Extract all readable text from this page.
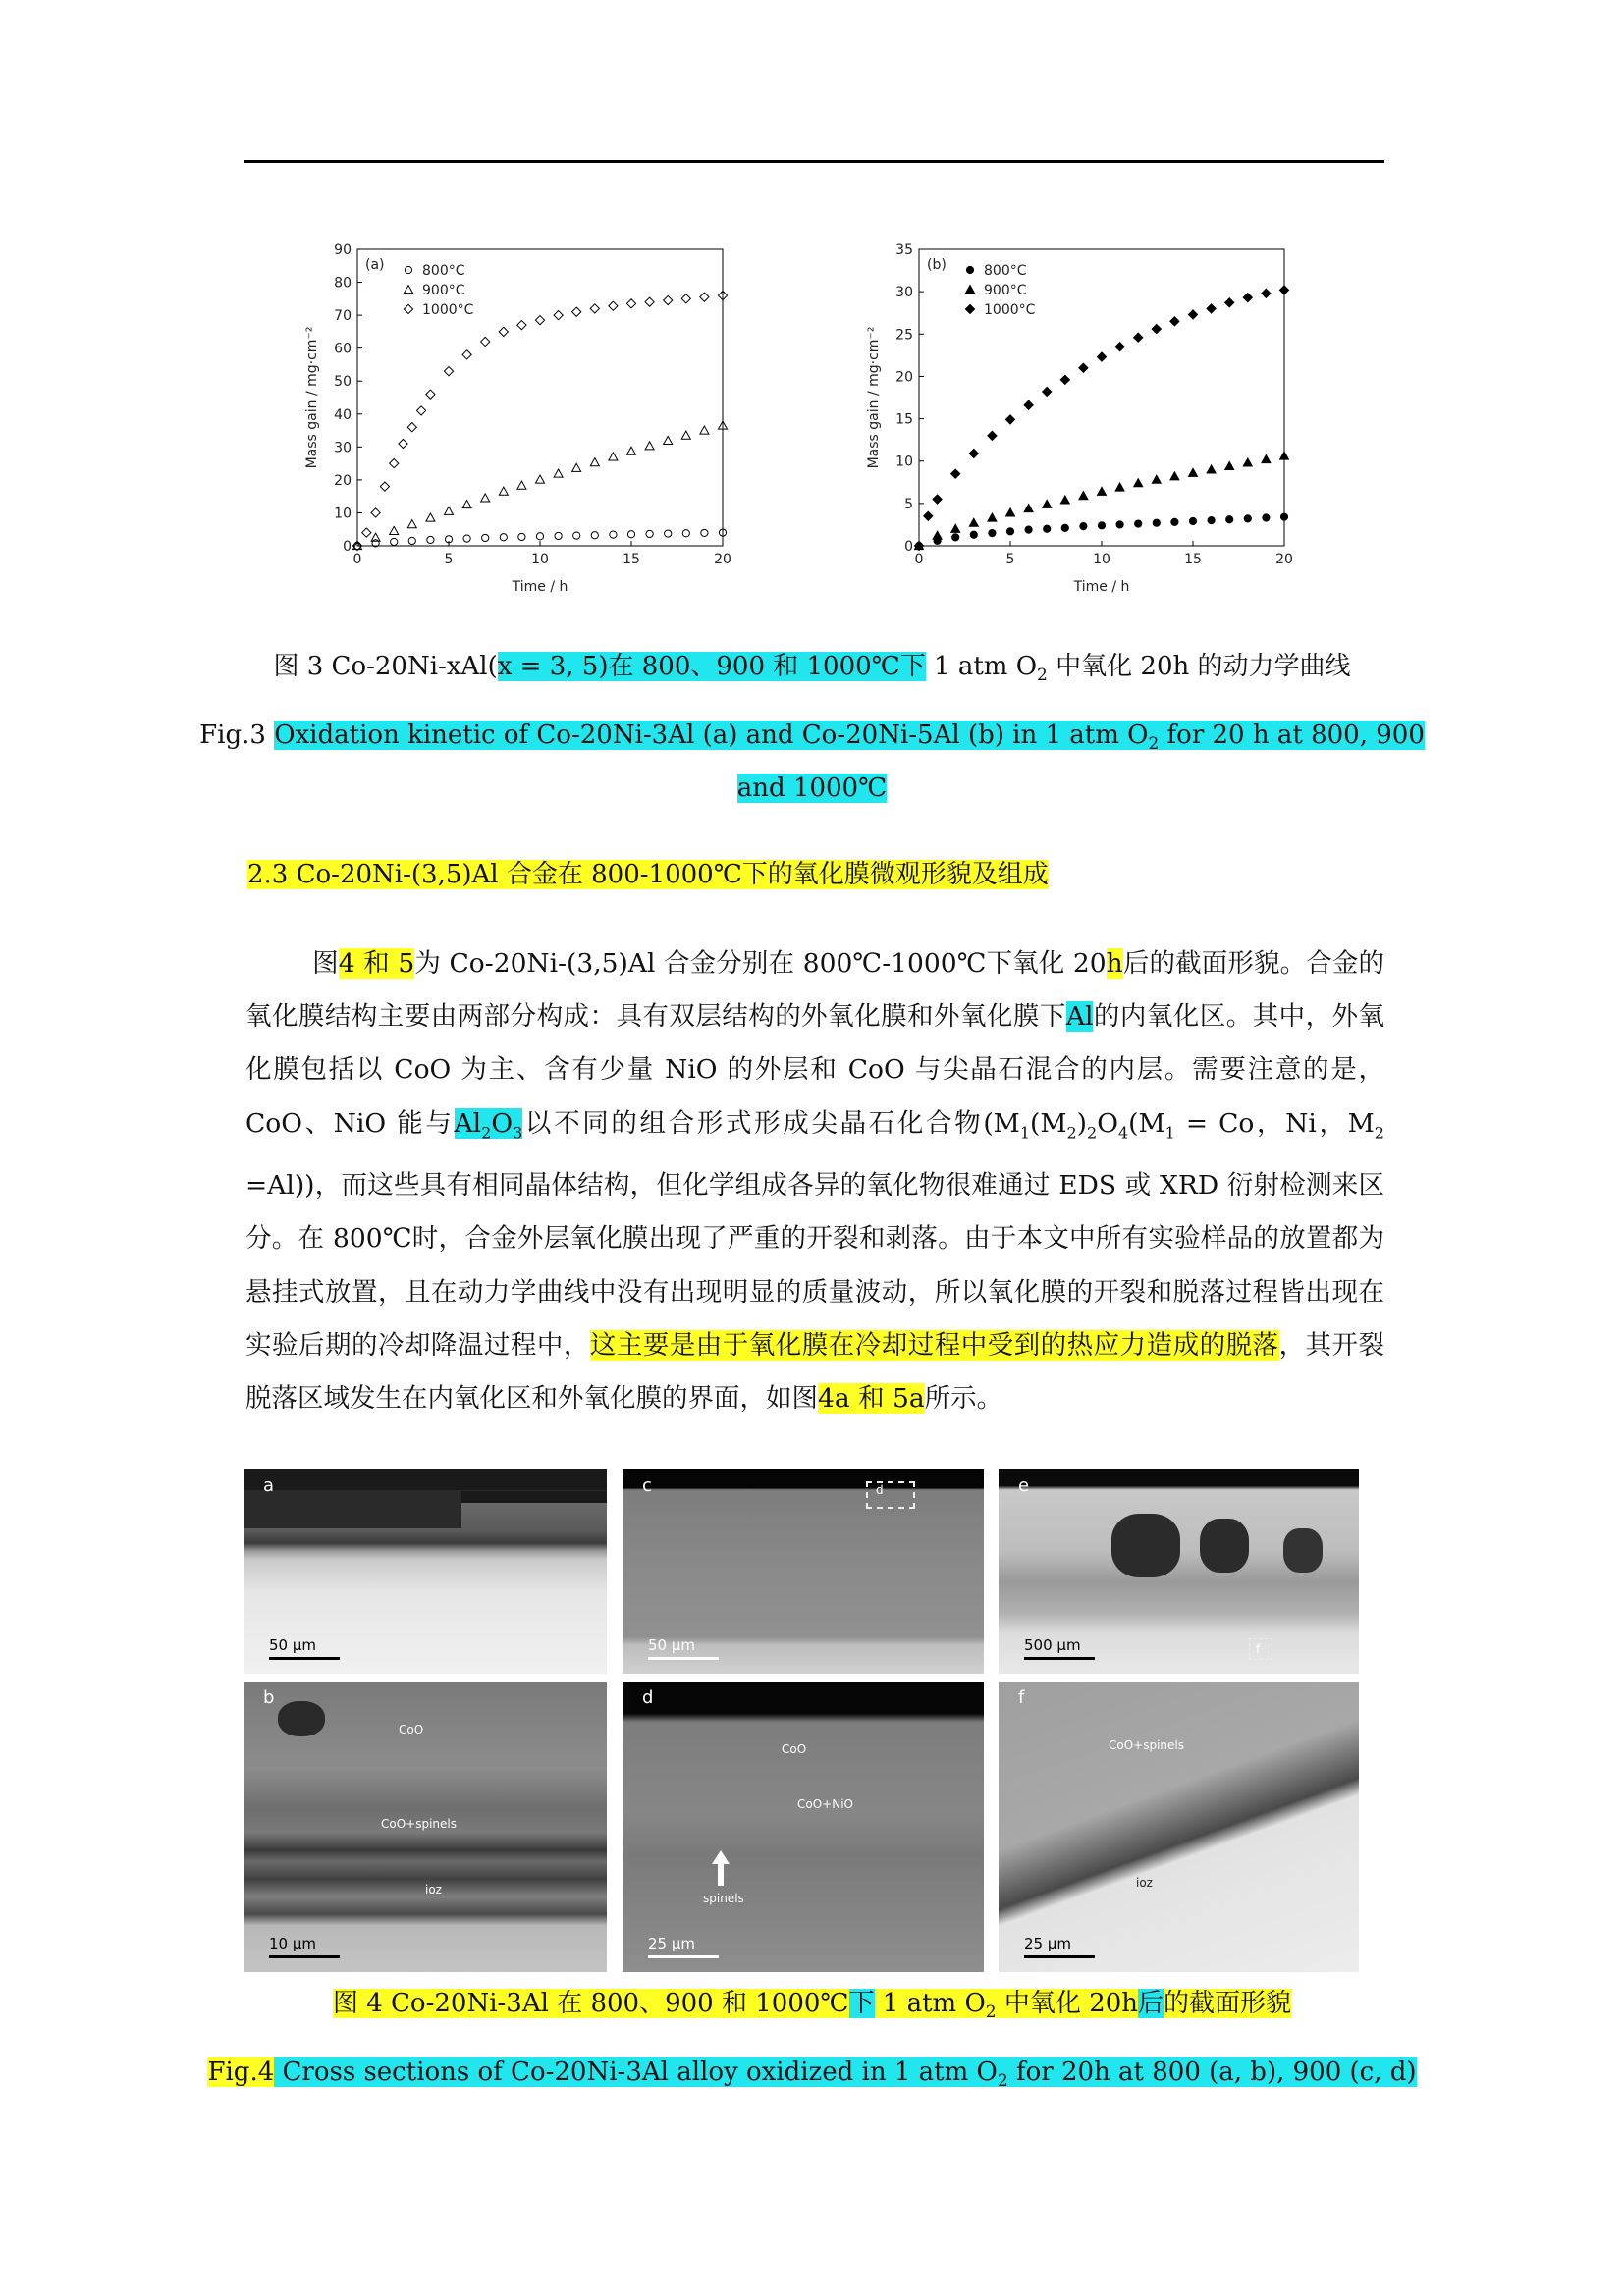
0	5	10	15	20
0
10
20
30
40
50
60
70
80
90
Time / h
Mass gain / mg·cm⁻²
(a)	800°C
900°C
1000°C
0	5	10	15	20
0
5
10
15
20
25
30
35
Time / h
Mass gain / mg·cm⁻²
(b)	800°C
900°C
1000°C
图 3 Co-20Ni-xAl(x = 3, 5)在 800、900 和 1000℃下 1 atm $O_2$ 中氧化 20h 的动力学曲线
Fig.3 Oxidation kinetic of Co-20Ni-3Al (a) and Co-20Ni-5Al (b) in 1 atm $O_2$ for 20 h at 800, 900
and 1000℃
2.3 Co-20Ni-(3,5)Al 合金在 800-1000℃下的氧化膜微观形貌及组成
图4 和 5为 Co-20Ni-(3,5)Al 合金分别在 800℃-1000℃下氧化 20h后的截面形貌。合金的氧化膜结构主要由两部分构成：具有双层结构的外氧化膜和外氧化膜下Al的内氧化区。其中，外氧化膜包括以 CoO 为主、含有少量 NiO 的外层和 CoO 与尖晶石混合的内层。需要注意的是，CoO、NiO 能与$Al_2O_3$以不同的组合形式形成尖晶石化合物($M_1(M_2)_2O_4(M_1 = Co$，Ni，$M_2 =Al$))，而这些具有相同晶体结构，但化学组成各异的氧化物很难通过 EDS 或 XRD 衍射检测来区分。在 800℃时，合金外层氧化膜出现了严重的开裂和剥落。由于本文中所有实验样品的放置都为悬挂式放置，且在动力学曲线中没有出现明显的质量波动，所以氧化膜的开裂和脱落过程皆出现在实验后期的冷却降温过程中，这主要是由于氧化膜在冷却过程中受到的热应力造成的脱落，其开裂脱落区域发生在内氧化区和外氧化膜的界面，如图4a 和 5a所示。
a
50 μm
d
c
50 μm	f
e
500 μm
b
CoO
CoO+spinels
ioz
10 μm
d
CoO
CoO+NiO
spinels
25 μm
f
CoO+spinels
ioz
25 μm
图 4 Co-20Ni-3Al 在 800、900 和 1000℃下 1 atm $O_2$ 中氧化 20h后的截面形貌
Fig.4 Cross sections of Co-20Ni-3Al alloy oxidized in 1 atm $O_2$ for 20h at 800 (a, b), 900 (c, d)
